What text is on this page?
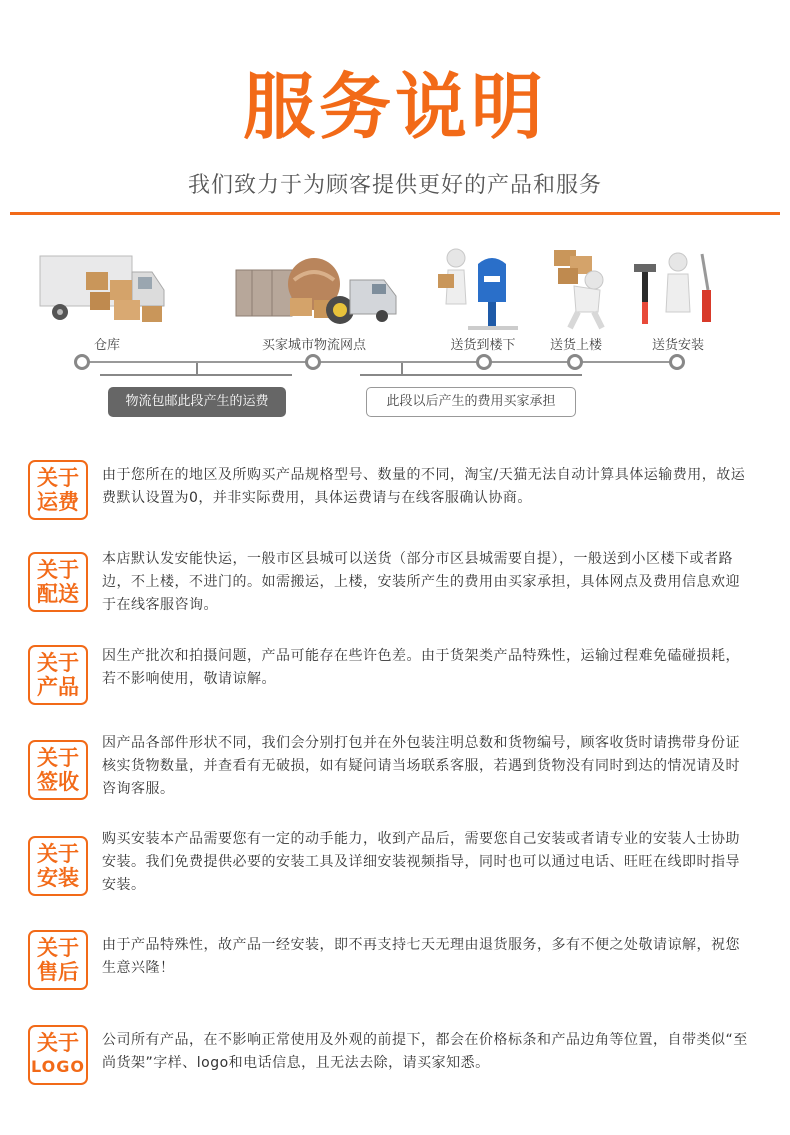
服务说明
我们致力于为顾客提供更好的产品和服务
仓库	买家城市物流网点	送货到楼下	送货上楼	送货安装
物流包邮此段产生的运费	此段以后产生的费用买家承担
关于
运费
由于您所在的地区及所购买产品规格型号、数量的不同，淘宝/天猫无法自动计算具体运输费用，故运费默认设置为0，并非实际费用，具体运费请与在线客服确认协商。
关于
配送
本店默认发安能快运，一般市区县城可以送货（部分市区县城需要自提），一般送到小区楼下或者路边，不上楼，不进门的。如需搬运，上楼，安装所产生的费用由买家承担，具体网点及费用信息欢迎于在线客服咨询。
关于
产品
因生产批次和拍摄问题，产品可能存在些许色差。由于货架类产品特殊性，运输过程难免磕碰损耗，若不影响使用，敬请谅解。
关于
签收
因产品各部件形状不同，我们会分别打包并在外包装注明总数和货物编号，顾客收货时请携带身份证核实货物数量，并查看有无破损，如有疑问请当场联系客服，若遇到货物没有同时到达的情况请及时咨询客服。
关于
安装
购买安装本产品需要您有一定的动手能力，收到产品后，需要您自己安装或者请专业的安装人士协助安装。我们免费提供必要的安装工具及详细安装视频指导，同时也可以通过电话、旺旺在线即时指导安装。
关于
售后
由于产品特殊性，故产品一经安装，即不再支持七天无理由退货服务，多有不便之处敬请谅解，祝您生意兴隆！
关于
LOGO
公司所有产品，在不影响正常使用及外观的前提下，都会在价格标条和产品边角等位置，自带类似“至尚货架”字样、logo和电话信息，且无法去除，请买家知悉。
